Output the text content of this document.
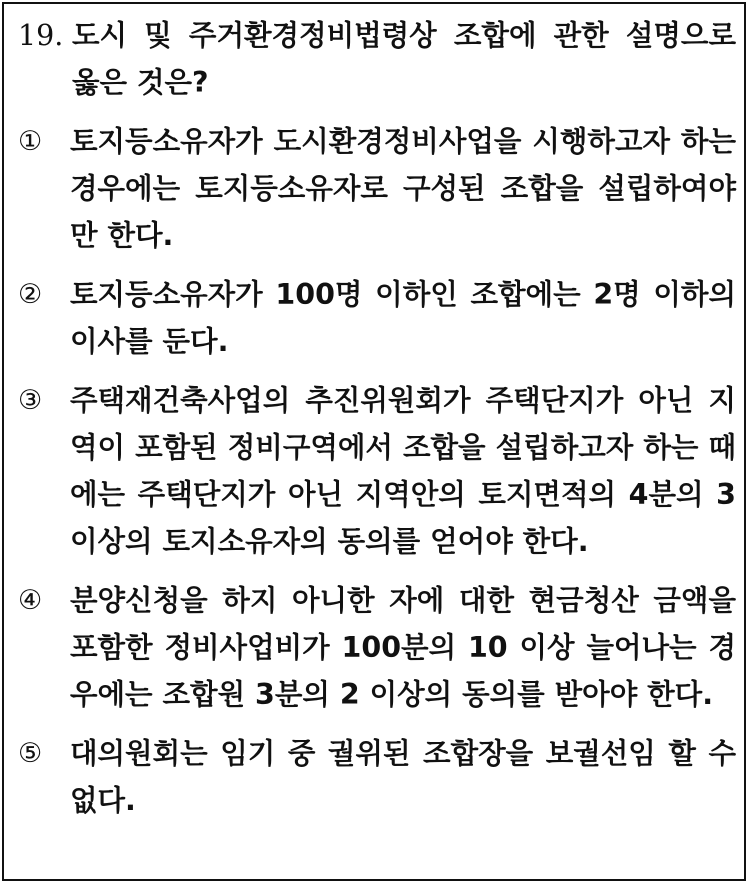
19. 도시 및 주거환경정비법령상 조합에 관한 설명으로 옳은 것은?
① 토지등소유자가 도시환경정비사업을 시행하고자 하는 경우에는 토지등소유자로 구성된 조합을 설립하여야만 한다.
② 토지등소유자가 100명 이하인 조합에는 2명 이하의 이사를 둔다.
③ 주택재건축사업의 추진위원회가 주택단지가 아닌 지역이 포함된 정비구역에서 조합을 설립하고자 하는 때에는 주택단지가 아닌 지역안의 토지면적의 4분의 3 이상의 토지소유자의 동의를 얻어야 한다.
④ 분양신청을 하지 아니한 자에 대한 현금청산 금액을 포함한 정비사업비가 100분의 10 이상 늘어나는 경우에는 조합원 3분의 2 이상의 동의를 받아야 한다.
⑤ 대의원회는 임기 중 궐위된 조합장을 보궐선임 할 수 없다.
